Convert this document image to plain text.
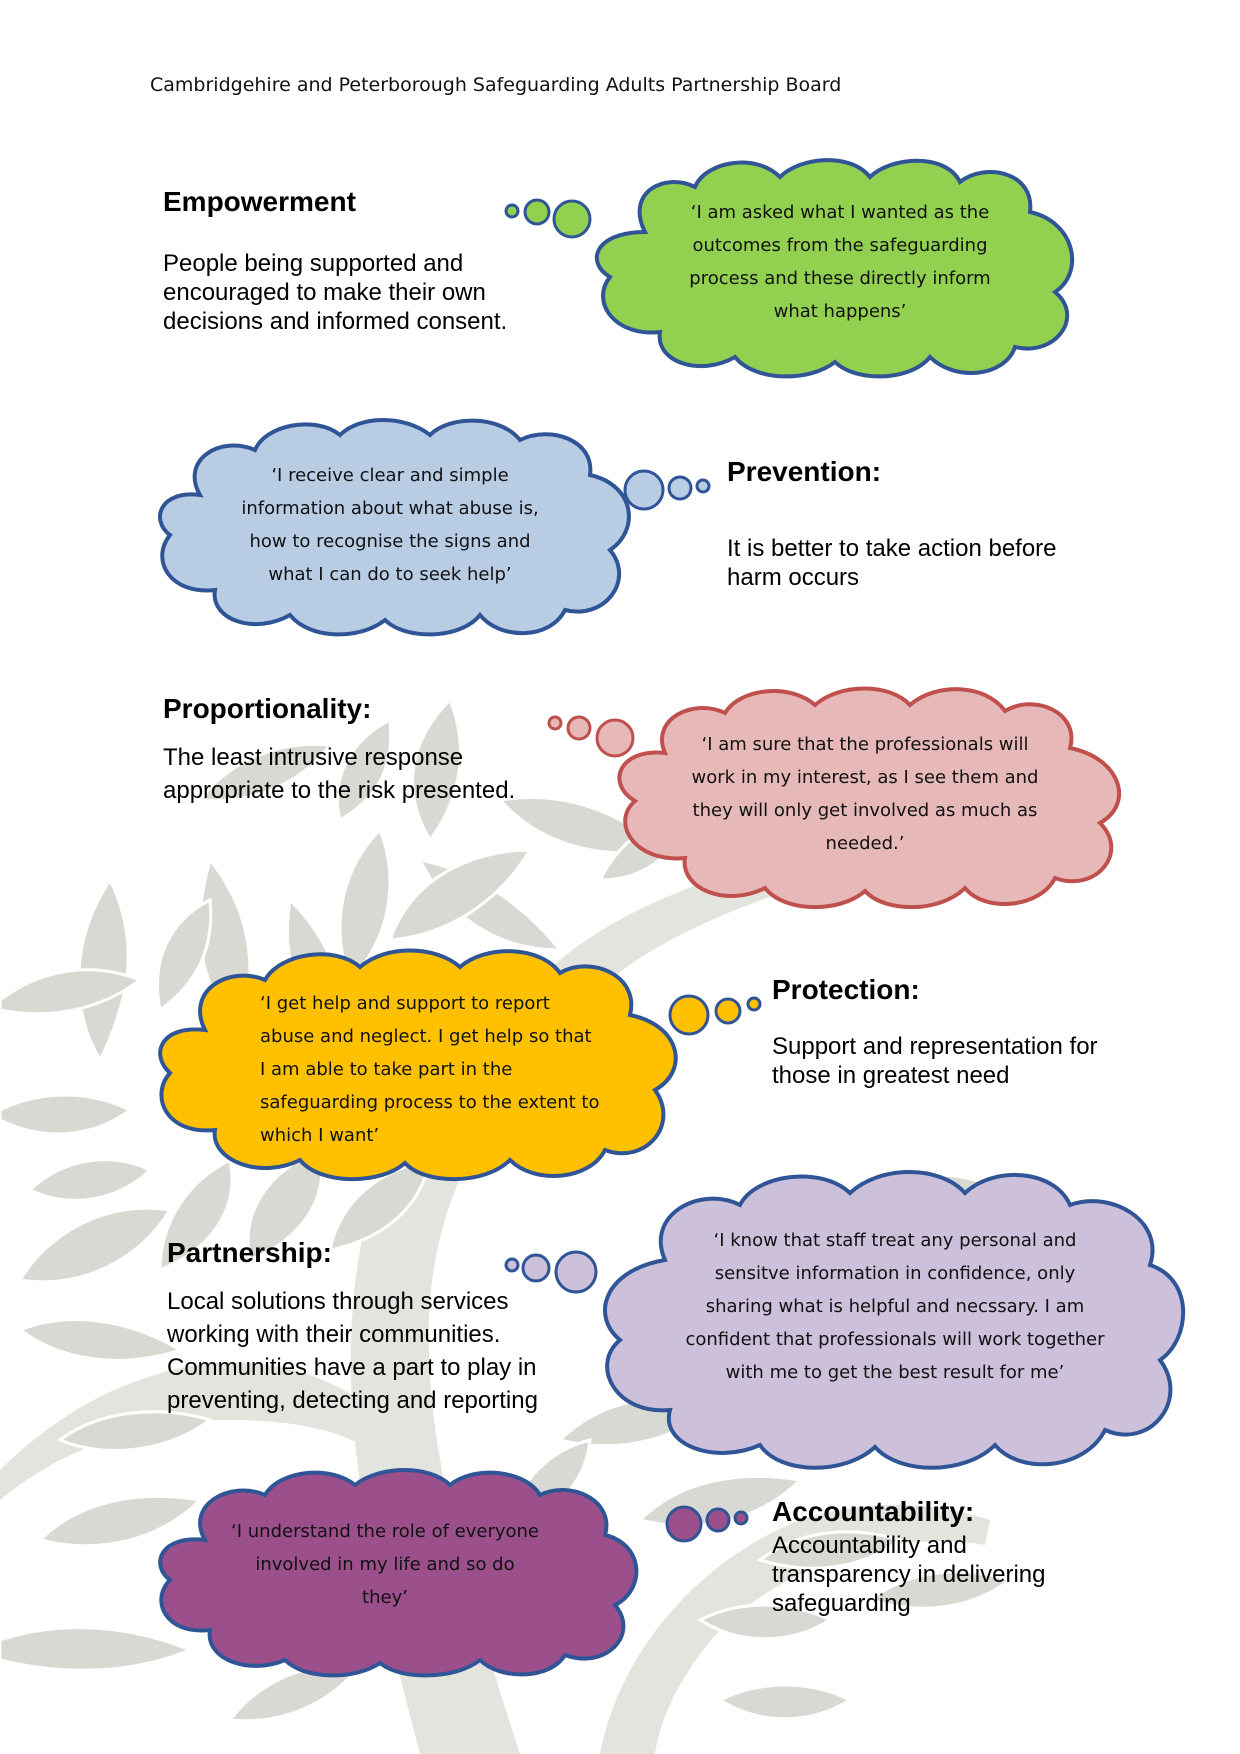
Cambridgehire and Peterborough Safeguarding Adults Partnership Board
Empowerment

People being supported and encouraged to make their own decisions and informed consent.

‘I am asked what I wanted as the outcomes from the safeguarding process and these directly inform what happens’

‘I receive clear and simple information about what abuse is, how to recognise the signs and what I can do to seek help’

Prevention:

It is better to take action before harm occurs

Proportionality:

The least intrusive response appropriate to the risk presented.

‘I am sure that the professionals will work in my interest, as I see them and they will only get involved as much as needed.’

‘I get help and support to report abuse and neglect. I get help so that I am able to take part in the safeguarding process to the extent to which I want’

Protection:

Support and representation for those in greatest need

Partnership:

Local solutions through services working with their communities. Communities have a part to play in preventing, detecting and reporting

‘I know that staff treat any personal and sensitve information in confidence, only sharing what is helpful and necssary. I am confident that professionals will work together with me to get the best result for me’

‘I understand the role of everyone involved in my life and so do they’

Accountability:

Accountability and transparency in delivering safeguarding
